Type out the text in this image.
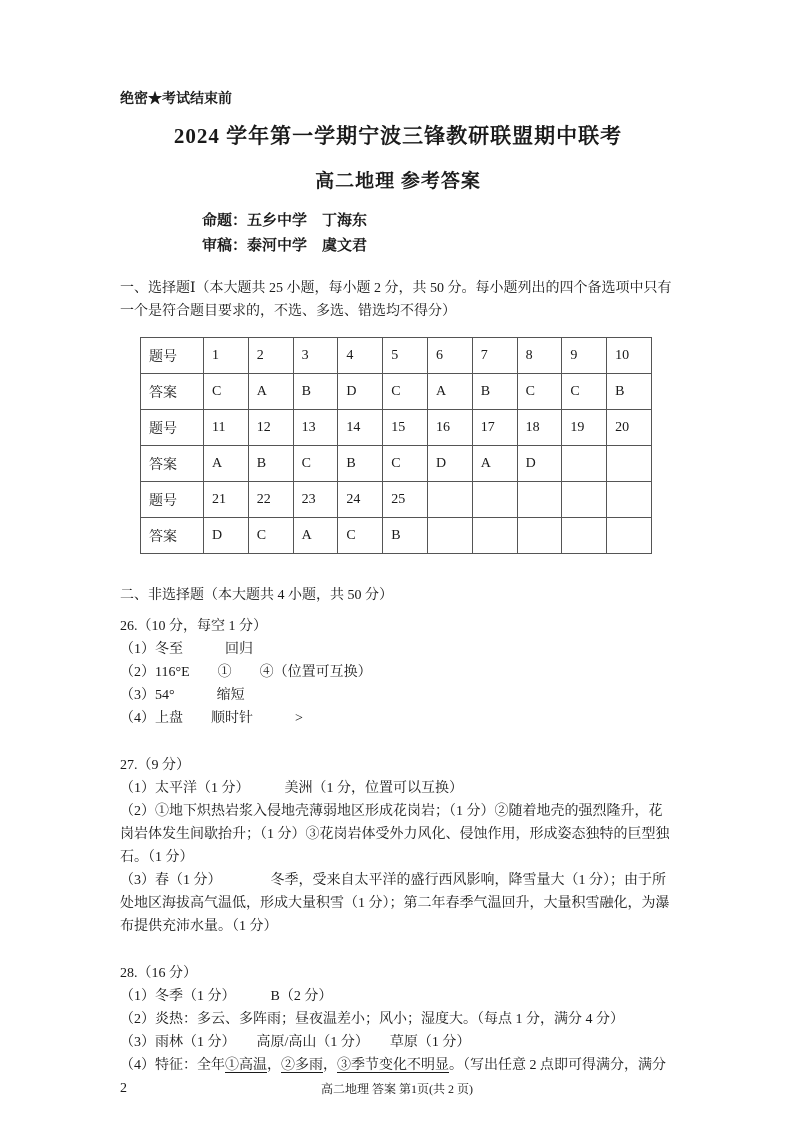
绝密★考试结束前

2024 学年第一学期宁波三锋教研联盟期中联考
高二地理 参考答案
命题：五乡中学　丁海东
审稿：泰河中学　虞文君

一、选择题Ⅰ（本大题共 25 小题，每小题 2 分，共 50 分。每小题列出的四个备选项中只有一个是符合题目要求的，不选、多选、错选均不得分）

题号	1	2	3	4	5	6	7	8	9	10
答案	C	A	B	D	C	A	B	C	C	B
题号	11	12	13	14	15	16	17	18	19	20
答案	A	B	C	B	C	D	A	D		
题号	21	22	23	24	25					
答案	D	C	A	C	B					

二、非选择题（本大题共 4 小题，共 50 分）

26.（10 分，每空 1 分）

（1）冬至　　　回归

（2）116°E　　①　　④（位置可互换）

（3）54°　　　缩短

（4）上盘　　顺时针　　　>

27.（9 分）

（1）太平洋（1 分）　　　美洲（1 分，位置可以互换）

（2）①地下炽热岩浆入侵地壳薄弱地区形成花岗岩；（1 分）②随着地壳的强烈隆升，花岗岩体发生间歇抬升；（1 分）③花岗岩体受外力风化、侵蚀作用，形成姿态独特的巨型独石。（1 分）

（3）春（1 分）　　　　冬季，受来自太平洋的盛行西风影响，降雪量大（1 分）；由于所处地区海拔高气温低，形成大量积雪（1 分）；第二年春季气温回升，大量积雪融化，为瀑布提供充沛水量。（1 分）

28.（16 分）

（1）冬季（1 分）　　　B（2 分）

（2）炎热：多云、多阵雨；昼夜温差小；风小；湿度大。（每点 1 分，满分 4 分）

（3）雨林（1 分）　　高原/高山（1 分）　　草原（1 分）

（4）特征：全年①高温，②多雨，③季节变化不明显。（写出任意 2 点即可得满分，满分 2	高二地理 答案 第1页(共 2 页)
